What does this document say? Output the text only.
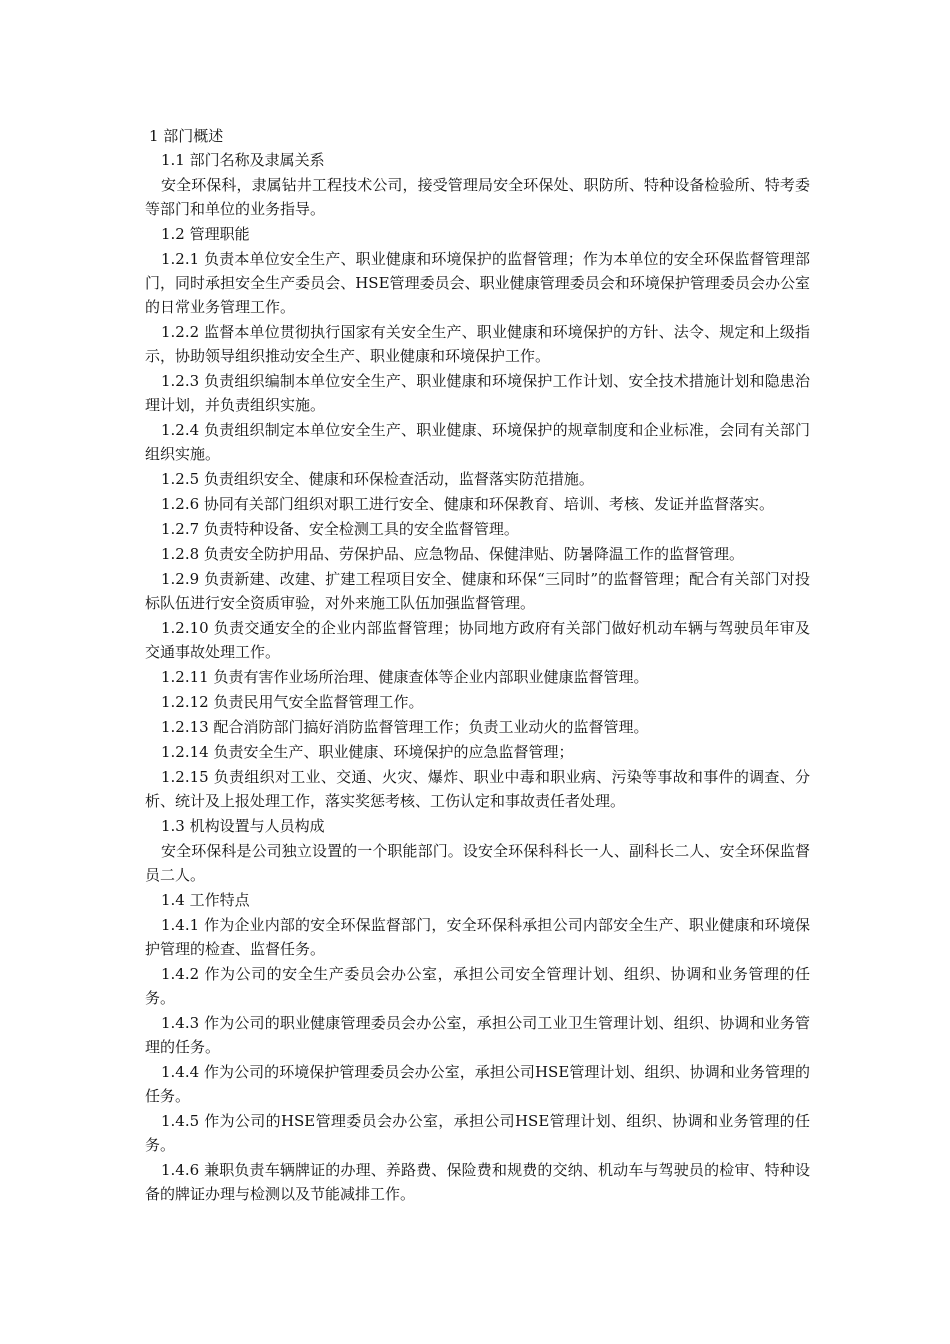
1 部门概述

1.1 部门名称及隶属关系

安全环保科，隶属钻井工程技术公司，接受管理局安全环保处、职防所、特种设备检验所、特考委等部门和单位的业务指导。

1.2 管理职能

1.2.1 负责本单位安全生产、职业健康和环境保护的监督管理；作为本单位的安全环保监督管理部门，同时承担安全生产委员会、HSE管理委员会、职业健康管理委员会和环境保护管理委员会办公室的日常业务管理工作。

1.2.2 监督本单位贯彻执行国家有关安全生产、职业健康和环境保护的方针、法令、规定和上级指示，协助领导组织推动安全生产、职业健康和环境保护工作。

1.2.3 负责组织编制本单位安全生产、职业健康和环境保护工作计划、安全技术措施计划和隐患治理计划，并负责组织实施。

1.2.4 负责组织制定本单位安全生产、职业健康、环境保护的规章制度和企业标准，会同有关部门组织实施。

1.2.5 负责组织安全、健康和环保检查活动，监督落实防范措施。

1.2.6 协同有关部门组织对职工进行安全、健康和环保教育、培训、考核、发证并监督落实。

1.2.7 负责特种设备、安全检测工具的安全监督管理。

1.2.8 负责安全防护用品、劳保护品、应急物品、保健津贴、防暑降温工作的监督管理。

1.2.9 负责新建、改建、扩建工程项目安全、健康和环保“三同时”的监督管理；配合有关部门对投标队伍进行安全资质审验，对外来施工队伍加强监督管理。

1.2.10 负责交通安全的企业内部监督管理；协同地方政府有关部门做好机动车辆与驾驶员年审及交通事故处理工作。

1.2.11 负责有害作业场所治理、健康查体等企业内部职业健康监督管理。

1.2.12 负责民用气安全监督管理工作。

1.2.13 配合消防部门搞好消防监督管理工作；负责工业动火的监督管理。

1.2.14 负责安全生产、职业健康、环境保护的应急监督管理；

1.2.15 负责组织对工业、交通、火灾、爆炸、职业中毒和职业病、污染等事故和事件的调查、分析、统计及上报处理工作，落实奖惩考核、工伤认定和事故责任者处理。

1.3 机构设置与人员构成

安全环保科是公司独立设置的一个职能部门。设安全环保科科长一人、副科长二人、安全环保监督员二人。

1.4 工作特点

1.4.1 作为企业内部的安全环保监督部门，安全环保科承担公司内部安全生产、职业健康和环境保护管理的检查、监督任务。

1.4.2 作为公司的安全生产委员会办公室，承担公司安全管理计划、组织、协调和业务管理的任务。

1.4.3 作为公司的职业健康管理委员会办公室，承担公司工业卫生管理计划、组织、协调和业务管理的任务。

1.4.4 作为公司的环境保护管理委员会办公室，承担公司HSE管理计划、组织、协调和业务管理的任务。

1.4.5 作为公司的HSE管理委员会办公室，承担公司HSE管理计划、组织、协调和业务管理的任务。

1.4.6 兼职负责车辆牌证的办理、养路费、保险费和规费的交纳、机动车与驾驶员的检审、特种设备的牌证办理与检测以及节能减排工作。
